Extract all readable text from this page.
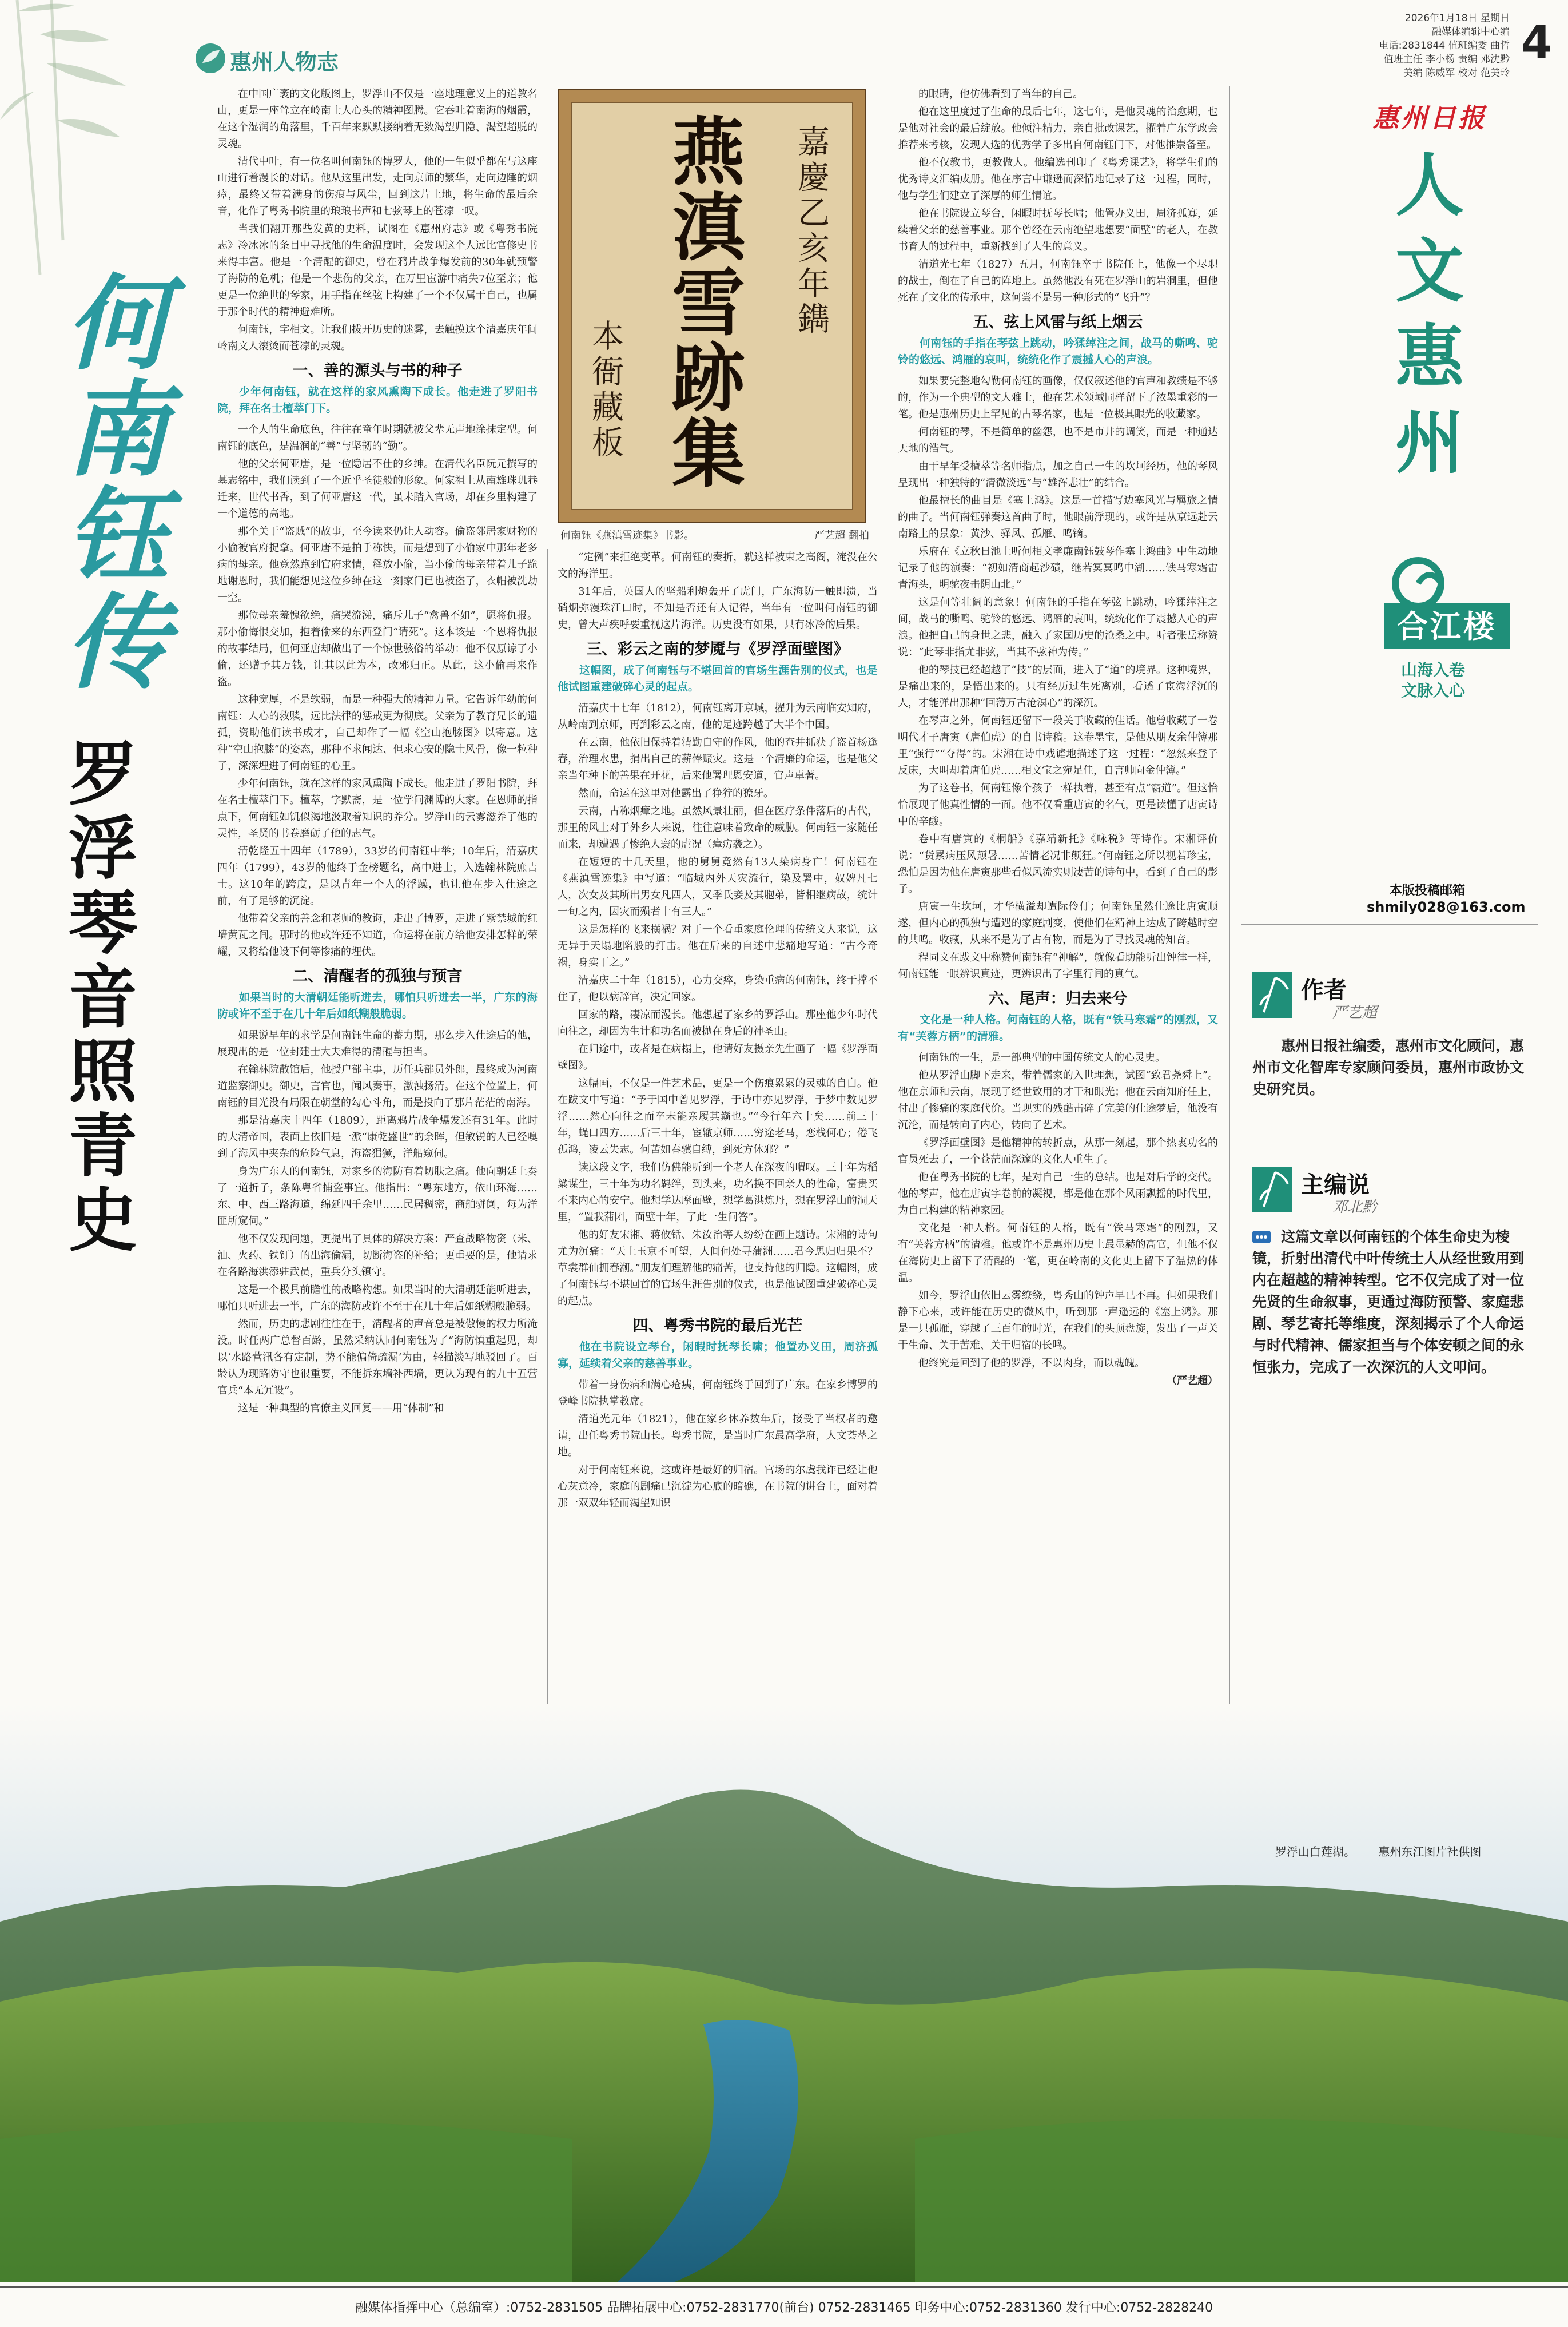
惠州人物志
2026年1月18日 星期日
融媒体编辑中心编
电话:2831844 值班编委 曲哲
值班主任 李小杨 责编 邓沈黔
美编 陈威军 校对 范美玲
4
惠州日报
何南钰传
罗浮琴音照青史
嘉慶乙亥年鐫
燕滇雪跡集
本衙藏板
何南钰《燕滇雪迹集》书影。	严艺超 翻拍

在中国广袤的文化版图上，罗浮山不仅是一座地理意义上的道教名山，更是一座耸立在岭南士人心头的精神图腾。它吞吐着南海的烟霞，在这个湿润的角落里，千百年来默默接纳着无数渴望归隐、渴望超脱的灵魂。

清代中叶，有一位名叫何南钰的博罗人，他的一生似乎都在与这座山进行着漫长的对话。他从这里出发，走向京师的繁华，走向边陲的烟瘴，最终又带着满身的伤痕与风尘，回到这片土地，将生命的最后余音，化作了粤秀书院里的琅琅书声和七弦琴上的苍凉一叹。

当我们翻开那些发黄的史料，试图在《惠州府志》或《粤秀书院志》冷冰冰的条目中寻找他的生命温度时，会发现这个人远比官修史书来得丰富。他是一个清醒的御史，曾在鸦片战争爆发前的30年就预警了海防的危机；他是一个悲伤的父亲，在万里宦游中痛失7位至亲；他更是一位绝世的琴家，用手指在丝弦上构建了一个不仅属于自己，也属于那个时代的精神避难所。

何南钰，字相文。让我们拨开历史的迷雾，去触摸这个清嘉庆年间岭南文人滚烫而苍凉的灵魂。

一、善的源头与书的种子
少年何南钰，就在这样的家风熏陶下成长。他走进了罗阳书院，拜在名士檀萃门下。

一个人的生命底色，往往在童年时期就被父辈无声地涂抹定型。何南钰的底色，是温润的“善”与坚韧的“勤”。

他的父亲何亚唐，是一位隐居不仕的乡绅。在清代名臣阮元撰写的墓志铭中，我们读到了一个近乎圣徒般的形象。何家祖上从南雄珠玑巷迁来，世代书香，到了何亚唐这一代，虽未踏入官场，却在乡里构建了一个道德的高地。

那个关于“盗贼”的故事，至今读来仍让人动容。偷盗邻居家财物的小偷被官府捉拿。何亚唐不是拍手称快，而是想到了小偷家中那年老多病的母亲。他竟然跑到官府求情，释放小偷，当小偷的母亲带着儿子跪地谢恩时，我们能想见这位乡绅在这一刻家门已也被盗了，衣帽被洗劫一空。

那位母亲羞愧欲绝，痛哭流涕，痛斥儿子“禽兽不如”，愿将仇报。那小偷悔恨交加，抱着偷来的东西登门“请死”。这本该是一个恩将仇报的故事结局，但何亚唐却做出了一个惊世骇俗的举动：他不仅原谅了小偷，还赠予其万钱，让其以此为本，改邪归正。从此，这小偷再来作盗。

这种宽厚，不是软弱，而是一种强大的精神力量。它告诉年幼的何南钰：人心的救赎，远比法律的惩戒更为彻底。父亲为了教育兄长的遗孤，资助他们读书成才，自己却作了一幅《空山抱膝图》以寄意。这种“空山抱膝”的姿态，那种不求闻达、但求心安的隐士风骨，像一粒种子，深深埋进了何南钰的心里。

少年何南钰，就在这样的家风熏陶下成长。他走进了罗阳书院，拜在名士檀萃门下。檀萃，字默斋，是一位学问渊博的大家。在恩师的指点下，何南钰如饥似渴地汲取着知识的养分。罗浮山的云雾滋养了他的灵性，圣贤的书卷磨砺了他的志气。

清乾隆五十四年（1789），33岁的何南钰中举；10年后，清嘉庆四年（1799），43岁的他终于金榜题名，高中进士，入选翰林院庶吉士。这10年的跨度，是以青年一个人的浮躁，也让他在步入仕途之前，有了足够的沉淀。

他带着父亲的善念和老师的教诲，走出了博罗，走进了紫禁城的红墙黄瓦之间。那时的他或许还不知道，命运将在前方给他安排怎样的荣耀，又将给他设下何等惨痛的埋伏。

二、清醒者的孤独与预言
如果当时的大清朝廷能听进去，哪怕只听进去一半，广东的海防或许不至于在几十年后如纸糊般脆弱。

如果说早年的求学是何南钰生命的蓄力期，那么步入仕途后的他，展现出的是一位封建士大夫难得的清醒与担当。

在翰林院散馆后，他授户部主事，历任兵部员外郎，最终成为河南道监察御史。御史，言官也，闻风奏事，激浊扬清。在这个位置上，何南钰的目光没有局限在朝堂的勾心斗角，而是投向了那片茫茫的南海。

那是清嘉庆十四年（1809），距离鸦片战争爆发还有31年。此时的大清帝国，表面上依旧是一派“康乾盛世”的余晖，但敏锐的人已经嗅到了海风中夹杂的危险气息，海盗猖獗，洋船窥伺。

身为广东人的何南钰，对家乡的海防有着切肤之痛。他向朝廷上奏了一道折子，条陈粤省捕盗事宜。他指出：“粤东地方，依山环海……东、中、西三路海道，绵延四千余里……民居稠密，商舶骈阗，每为洋匪所窥伺。”

他不仅发现问题，更提出了具体的解决方案：严查战略物资（米、油、火药、铁钉）的出海偷漏，切断海盗的补给；更重要的是，他请求在各路海洪添驻武员，重兵分头镇守。

这是一个极具前瞻性的战略构想。如果当时的大清朝廷能听进去，哪怕只听进去一半，广东的海防或许不至于在几十年后如纸糊般脆弱。

然而，历史的悲剧往往在于，清醒者的声音总是被傲慢的权力所淹没。时任两广总督百龄，虽然采纳认同何南钰为了“海防慎重起见，却以‘水路营汛各有定制，势不能偏倚疏漏’为由，轻描淡写地驳回了。百龄认为现路防守也很重要，不能拆东墙补西墙，更认为现有的九十五营官兵“本无冗设”。

这是一种典型的官僚主义回复——用“体制”和

“定例”来拒绝变革。何南钰的奏折，就这样被束之高阁，淹没在公文的海洋里。

31年后，英国人的坚船利炮轰开了虎门，广东海防一触即溃，当硝烟弥漫珠江口时，不知是否还有人记得，当年有一位叫何南钰的御史，曾大声疾呼要重视这片海洋。历史没有如果，只有冰冷的后果。

三、彩云之南的梦魇与《罗浮面壁图》
这幅图，成了何南钰与不堪回首的官场生涯告别的仪式，也是他试图重建破碎心灵的起点。

清嘉庆十七年（1812），何南钰离开京城，擢升为云南临安知府，从岭南到京师，再到彩云之南，他的足迹跨越了大半个中国。

在云南，他依旧保持着清勤自守的作风，他的查井抓获了盗首杨逢春，治理水患，捐出自己的薪俸赈灾。这是一个清廉的命运，也是他父亲当年种下的善果在开花，后来他署理恩安道，官声卓著。

然而，命运在这里对他露出了狰狞的獠牙。

云南，古称烟瘴之地。虽然风景壮丽，但在医疗条件落后的古代，那里的风土对于外乡人来说，往往意味着致命的威胁。何南钰一家随任而来，却遭遇了惨绝人寰的虐况（瘴疠袭之）。

在短短的十几天里，他的舅舅竟然有13人染病身亡！何南钰在《燕滇雪迹集》中写道：“临城内外天灾流行，染及署中，奴婢凡七人，次女及其所出男女凡四人，又季氏妾及其胞弟，皆相继病故，统计一旬之内，因灾而殒者十有三人。”

这是怎样的飞来横祸？对于一个看重家庭伦理的传统文人来说，这无异于天塌地陷般的打击。他在后来的自述中悲痛地写道：“古今奇祸，身实丁之。”

清嘉庆二十年（1815），心力交瘁，身染重病的何南钰，终于撑不住了，他以病辞官，决定回家。

回家的路，凄凉而漫长。他想起了家乡的罗浮山。那座他少年时代向往之，却因为生计和功名而被抛在身后的神圣山。

在归途中，或者是在病榻上，他请好友摄亲先生画了一幅《罗浮面壁图》。

这幅画，不仅是一件艺术品，更是一个伤痕累累的灵魂的自白。他在跋文中写道：“予于国中曾见罗浮，于诗中亦见罗浮，于梦中数见罗浮……然心向往之而卒未能亲履其巅也。”“今行年六十矣……前三十年，蝇口四方……后三十年，宦辙京师……穷途老马，恋栈何心；倦飞孤鸿，凌云失志。何苦如春骥自缚，到死方休邪？”

读这段文字，我们仿佛能听到一个老人在深夜的喟叹。三十年为稻粱谋生，三十年为功名羁绊，到头来，功名换不回亲人的性命，富贵买不来内心的安宁。他想学达摩面壁，想学葛洪炼丹，想在罗浮山的洞天里，“置我蒲团，面壁十年，了此一生问答”。

他的好友宋湘、蒋攸铦、朱汝治等人纷纷在画上题诗。宋湘的诗句尤为沉痛：“天上玉京不可望，人间何处寻蒲洲……君今思归归果不？草裳群仙拥春潮。”朋友们理解他的痛苦，也支持他的归隐。这幅图，成了何南钰与不堪回首的官场生涯告别的仪式，也是他试图重建破碎心灵的起点。

四、粤秀书院的最后光芒
他在书院设立琴台，闲暇时抚琴长啸；他置办义田，周济孤寡，延续着父亲的慈善事业。

带着一身伤病和满心疮痍，何南钰终于回到了广东。在家乡博罗的登峰书院执掌教席。

清道光元年（1821），他在家乡休养数年后，接受了当权者的邀请，出任粤秀书院山长。粤秀书院，是当时广东最高学府，人文荟萃之地。

对于何南钰来说，这或许是最好的归宿。官场的尔虞我诈已经让他心灰意冷，家庭的剧痛已沉淀为心底的暗礁，在书院的讲台上，面对着那一双双年轻而渴望知识

的眼睛，他仿佛看到了当年的自己。

他在这里度过了生命的最后七年，这七年，是他灵魂的治愈期，也是他对社会的最后绽放。他倾注精力，亲自批改课艺，擢着广东学政会推荐来考核，发现人选的优秀学子多出自何南钰门下，对他推崇备至。

他不仅教书，更教做人。他编选刊印了《粤秀课艺》，将学生们的优秀诗文汇编成册。他在序言中谦逊而深情地记录了这一过程，同时，他与学生们建立了深厚的师生情谊。

他在书院设立琴台，闲暇时抚琴长啸；他置办义田，周济孤寡，延续着父亲的慈善事业。那个曾经在云南绝望地想要“面壁”的老人，在教书育人的过程中，重新找到了人生的意义。

清道光七年（1827）五月，何南钰卒于书院任上，他像一个尽职的战士，倒在了自己的阵地上。虽然他没有死在罗浮山的岩洞里，但他死在了文化的传承中，这何尝不是另一种形式的“飞升”？

五、弦上风雷与纸上烟云
何南钰的手指在琴弦上跳动，吟猱绰注之间，战马的嘶鸣、驼铃的悠远、鸿雁的哀叫，统统化作了震撼人心的声浪。

如果要完整地勾勒何南钰的画像，仅仅叙述他的官声和教绩是不够的，作为一个典型的文人雅士，他在艺术领域同样留下了浓墨重彩的一笔。他是惠州历史上罕见的古琴名家，也是一位极具眼光的收藏家。

何南钰的琴，不是简单的幽怨，也不是市井的调笑，而是一种通达天地的浩气。

由于早年受檀萃等名师指点，加之自己一生的坎坷经历，他的琴风呈现出一种独特的“清微淡远”与“雄浑悲壮”的结合。

他最擅长的曲目是《塞上鸿》。这是一首描写边塞风光与羁旅之情的曲子。当何南钰弹奏这首曲子时，他眼前浮现的，或许是从京远赴云南路上的景象：黄沙、驿风、孤雁、鸣镝。

乐府在《立秋日池上听何相文孝廉南钰鼓琴作塞上鸿曲》中生动地记录了他的演奏：“初如清商起沙碛，继若冥冥鸣中湖……铁马寒霜雷青海头，明驼夜击阴山北。”

这是何等壮阔的意象！何南钰的手指在琴弦上跳动，吟猱绰注之间，战马的嘶鸣、驼铃的悠远、鸿雁的哀叫，统统化作了震撼人心的声浪。他把自己的身世之悲，融入了家国历史的沧桑之中。听者张岳称赞说：“此琴非指尤非弦，当其不弦神为传。”

他的琴技已经超越了“技”的层面，进入了“道”的境界。这种境界，是痛出来的，是悟出来的。只有经历过生死离别，看透了宦海浮沉的人，才能弹出那种“回薄万古沧溟心”的深沉。

在琴声之外，何南钰还留下一段关于收藏的佳话。他曾收藏了一卷明代才子唐寅（唐伯虎）的自书诗稿。这卷墨宝，是他从朋友余仲簿那里“强行”“夺得”的。宋湘在诗中戏谑地描述了这一过程：“忽然来登子反床，大叫却着唐伯虎……相文宝之宛足佳，自言帅向金仲簿。”

为了这卷书，何南钰像个孩子一样执着，甚至有点“霸道”。但这恰恰展现了他真性情的一面。他不仅看重唐寅的名气，更是读懂了唐寅诗中的辛酸。

卷中有唐寅的《桐船》《嘉靖新托》《咏税》等诗作。宋湘评价说：“货累病压风颠暑……苦情老况非颠狂。”何南钰之所以视若珍宝，恐怕是因为他在唐寅那些看似风流实则凄苦的诗句中，看到了自己的影子。

唐寅一生坎坷，才华横溢却遭际伶仃；何南钰虽然仕途比唐寅顺遂，但内心的孤独与遭遇的家庭剧变，使他们在精神上达成了跨越时空的共鸣。收藏，从来不是为了占有物，而是为了寻找灵魂的知音。

程同文在跋文中称赞何南钰有“神解”，就像看助能听出钟律一样，何南钰能一眼辨识真迹，更辨识出了字里行间的真气。

六、尾声：归去来兮
文化是一种人格。何南钰的人格，既有“铁马寒霜”的刚烈，又有“芙蓉方柄”的清雅。

何南钰的一生，是一部典型的中国传统文人的心灵史。

他从罗浮山脚下走来，带着儒家的入世理想，试图“致君尧舜上”。他在京师和云南，展现了经世致用的才干和眼光；他在云南知府任上，付出了惨痛的家庭代价。当现实的残酷击碎了完美的仕途梦后，他没有沉沦，而是转向了内心，转向了艺术。

《罗浮面壁图》是他精神的转折点，从那一刻起，那个热衷功名的官员死去了，一个苍茫而深邃的文化人重生了。

他在粤秀书院的七年，是对自己一生的总结。也是对后学的交代。他的琴声，他在唐寅字卷前的凝视，都是他在那个风雨飘摇的时代里，为自己构建的精神家园。

文化是一种人格。何南钰的人格，既有“铁马寒霜”的刚烈，又有“芙蓉方柄”的清雅。他或许不是惠州历史上最显赫的高官，但他不仅在海防史上留下了清醒的一笔，更在岭南的文化史上留下了温热的体温。

如今，罗浮山依旧云雾缭绕，粤秀山的钟声早已不再。但如果我们静下心来，或许能在历史的微风中，听到那一声遥远的《塞上鸿》。那是一只孤雁，穿越了三百年的时光，在我们的头顶盘旋，发出了一声关于生命、关于苦难、关于归宿的长鸣。

他终究是回到了他的罗浮，不以肉身，而以魂魄。

（严艺超）
人文惠州
合江楼
山海入卷
文脉入心
本版投稿邮箱
shmily028@163.com
作者
严艺超
惠州日报社编委，惠州市文化顾问，惠州市文化智库专家顾问委员，惠州市政协文史研究员。
主编说
邓北黔
这篇文章以何南钰的个体生命史为棱镜，折射出清代中叶传统士人从经世致用到内在超越的精神转型。它不仅完成了对一位先贤的生命叙事，更通过海防预警、家庭悲剧、琴艺寄托等维度，深刻揭示了个人命运与时代精神、儒家担当与个体安顿之间的永恒张力，完成了一次深沉的人文叩问。
罗浮山白莲湖。 惠州东江图片社供图
融媒体指挥中心（总编室）:0752-2831505 品牌拓展中心:0752-2831770(前台) 0752-2831465 印务中心:0752-2831360 发行中心:0752-2828240
